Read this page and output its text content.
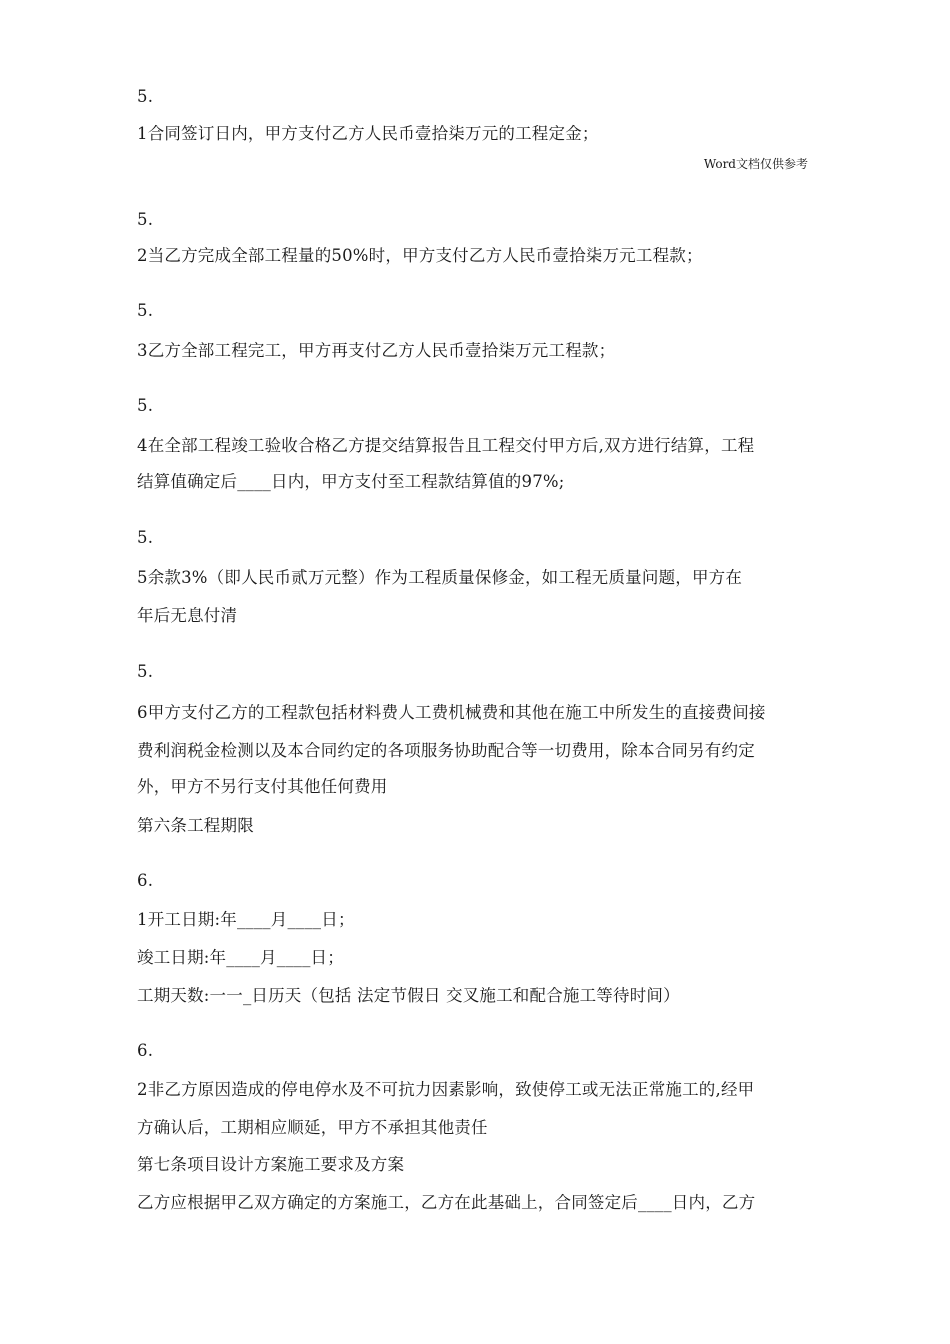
5.
1合同签订日内，甲方支付乙方人民币壹拾柒万元的工程定金；
Word文档仅供参考
5.
2当乙方完成全部工程量的50%时，甲方支付乙方人民币壹拾柒万元工程款；
5.
3乙方全部工程完工，甲方再支付乙方人民币壹拾柒万元工程款；
5.
4在全部工程竣工验收合格乙方提交结算报告且工程交付甲方后,双方进行结算，工程
结算值确定后____日内，甲方支付至工程款结算值的97%;
5.
5余款3%（即人民币贰万元整）作为工程质量保修金，如工程无质量问题，甲方在
年后无息付清
5.
6甲方支付乙方的工程款包括材料费人工费机械费和其他在施工中所发生的直接费间接
费利润税金检测以及本合同约定的各项服务协助配合等一切费用，除本合同另有约定
外，甲方不另行支付其他任何费用
第六条工程期限
6.
1开工日期:年____月____日；
竣工日期:年____月____日；
工期天数:一一_日历天（包括 法定节假日 交叉施工和配合施工等待时间）
6.
2非乙方原因造成的停电停水及不可抗力因素影响，致使停工或无法正常施工的,经甲
方确认后，工期相应顺延，甲方不承担其他责任
第七条项目设计方案施工要求及方案
乙方应根据甲乙双方确定的方案施工，乙方在此基础上，合同签定后____日内，乙方
